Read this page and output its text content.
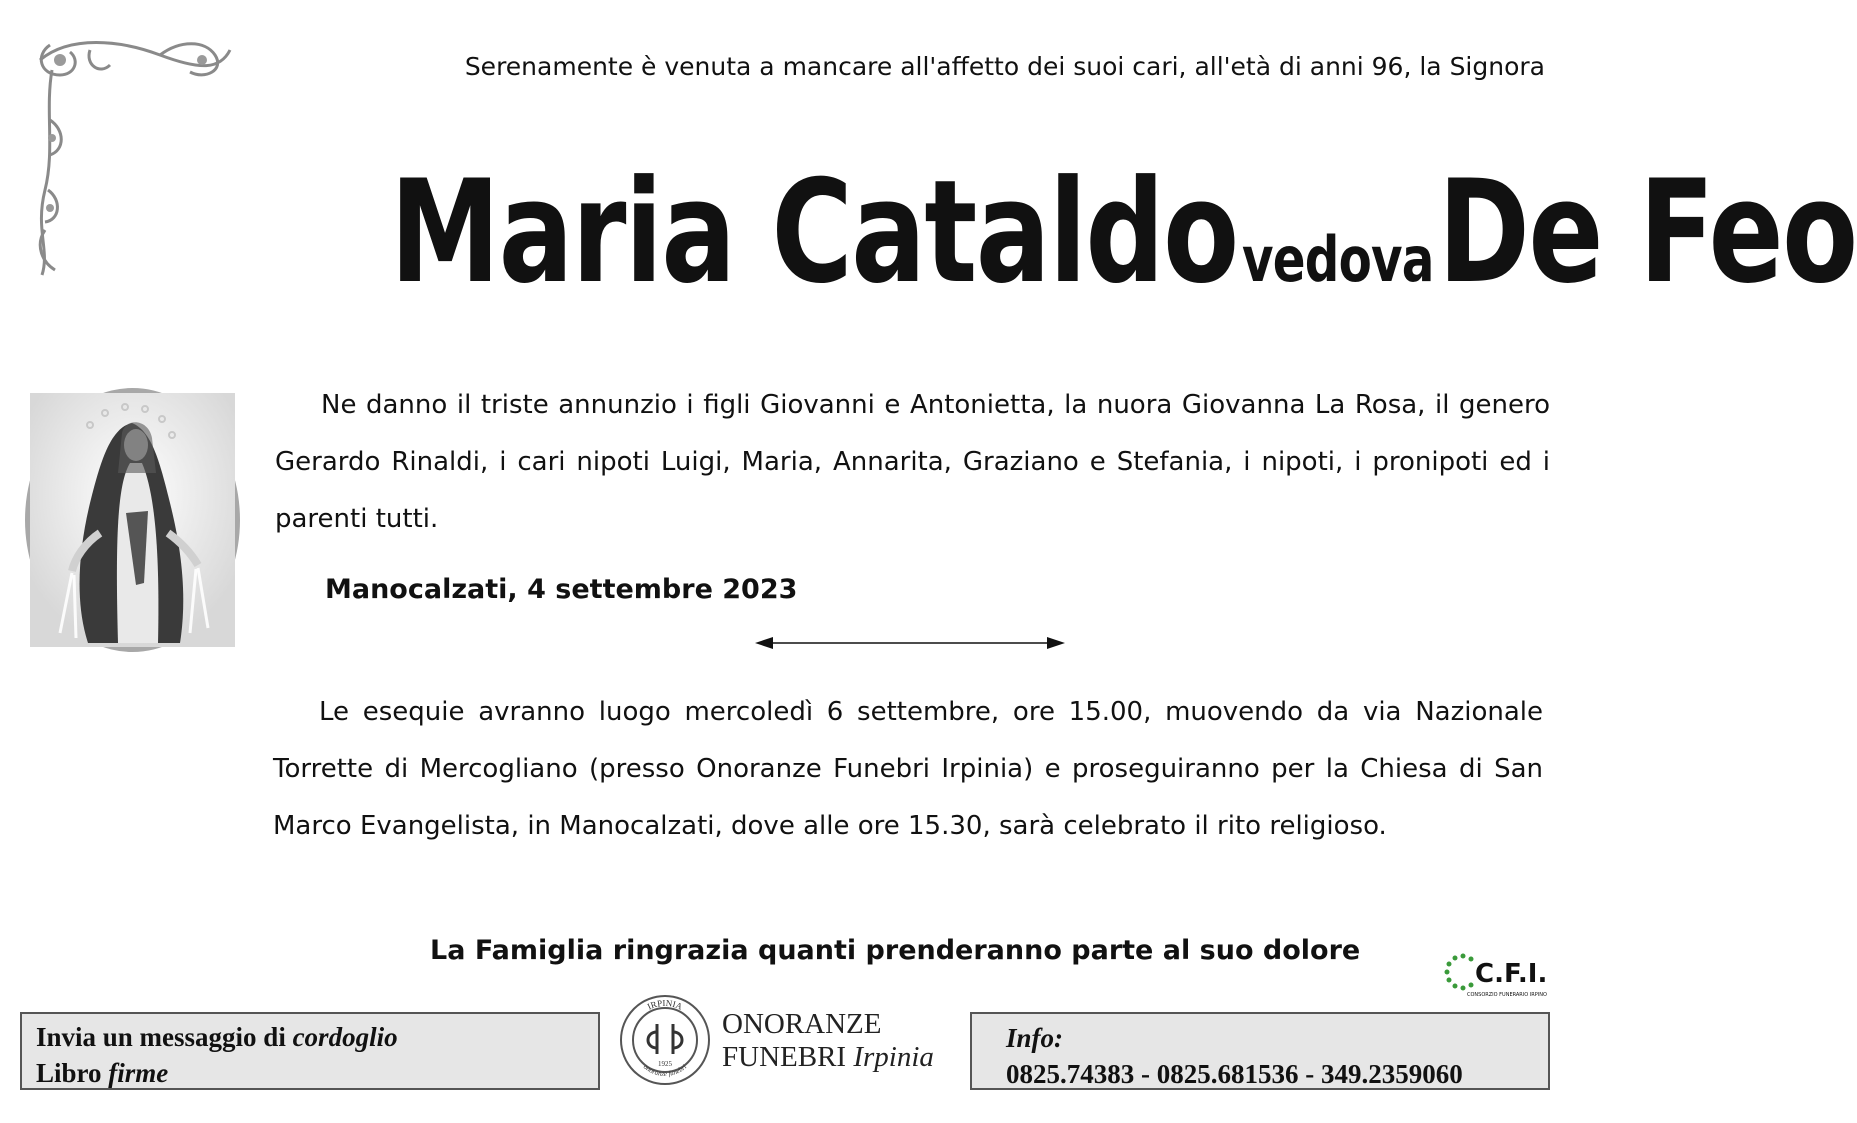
Serenamente è venuta a mancare all'affetto dei suoi cari, all'età di anni 96, la Signora
Maria Cataldo vedova De Feo
Ne danno il triste annunzio i figli Giovanni e Antonietta, la nuora Giovanna La Rosa, il genero Gerardo Rinaldi, i cari nipoti Luigi, Maria, Annarita, Graziano e Stefania, i nipoti, i pronipoti ed i parenti tutti.
Manocalzati, 4 settembre 2023
Le esequie avranno luogo mercoledì 6 settembre, ore 15.00, muovendo da via Nazionale Torrette di Mercogliano (presso Onoranze Funebri Irpinia) e proseguiranno per la Chiesa di San Marco Evangelista, in Manocalzati, dove alle ore 15.30, sarà celebrato il rito religioso.
La Famiglia ringrazia quanti prenderanno parte al suo dolore
C.F.I.
CONSORZIO FUNERARIO IRPINO
Invia un messaggio di cordoglio
Libro firme
IRPINIA
onoranze funebri
1925
ONORANZE
FUNEBRI Irpinia
Info:
0825.74383 - 0825.681536 - 349.2359060
